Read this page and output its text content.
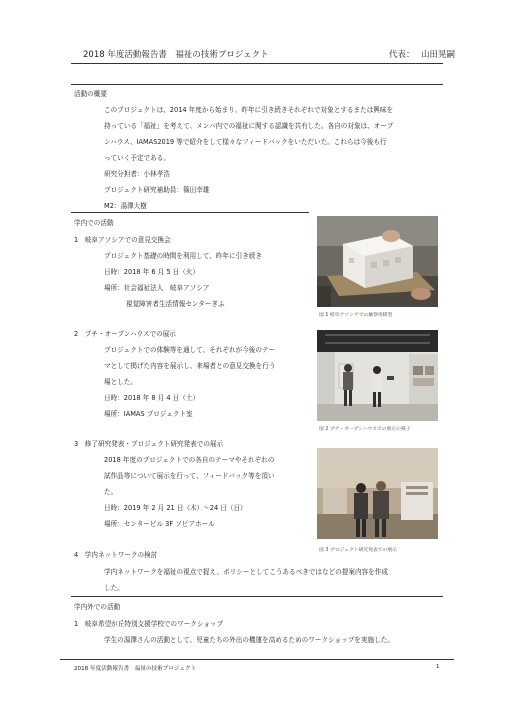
2018 年度活動報告書　福祉の技術プロジェクト	代表： 山田晃嗣
活動の概要
このプロジェクトは、2014 年度から始まり、昨年に引き続きそれぞれで対象とするまたは興味を
持っている「福祉」を考えて、メンバ内での福祉に関する認識を共有した。各自の対象は、オープ
ンハウス、IAMAS2019 等で紹介をして様々なフィードバックをいただいた。これらは今後も行
っていく予定である。
研究分担者：小林孝浩
プロジェクト研究補助員：篠田幸雄
M2：湯澤大樹
学内での活動
1　岐阜アソシアでの意見交換会
プロジェクト基礎の時間を利用して、昨年に引き続き
日時：2018 年 6 月 5 日（火）
場所：社会福祉法人　岐阜アソシア
視覚障害者生活情報センターぎふ
2　プチ・オープンハウスでの展示
プロジェクトでの体験等を通して、それぞれが今後のテー
マとして掲げた内容を展示し、来場者との意見交換を行う
場とした。
日時：2018 年 8 月 4 日（土）
場所：IAMAS プロジェクト室
3　修了研究発表・プロジェクト研究発表での展示
2018 年度のプロジェクトでの各自のテーマやそれぞれの
試作品等について展示を行って、フィードバック等を頂い
た。
日時：2019 年 2 月 21 日（木）～24 日（日）
場所：センタービル 3F ソピアホール
4　学内ネットワークの検討
学内ネットワークを福祉の視点で捉え、ポリシーとしてこうあるべきではなどの提案内容を作成
した。
学内外での活動
1　岐阜希望が丘特別支援学校でのワークショップ
学生の湯澤さんの活動として、児童たちの外出の機運を高めるためのワークショップを実施した。
図 1 岐阜アソシアでの触察用模型
図 2 プチ・オープンハウスでの展示の様子
図 3 プロジェクト研究発表での展示
2018 年度活動報告書　福祉の技術プロジェクト	1
